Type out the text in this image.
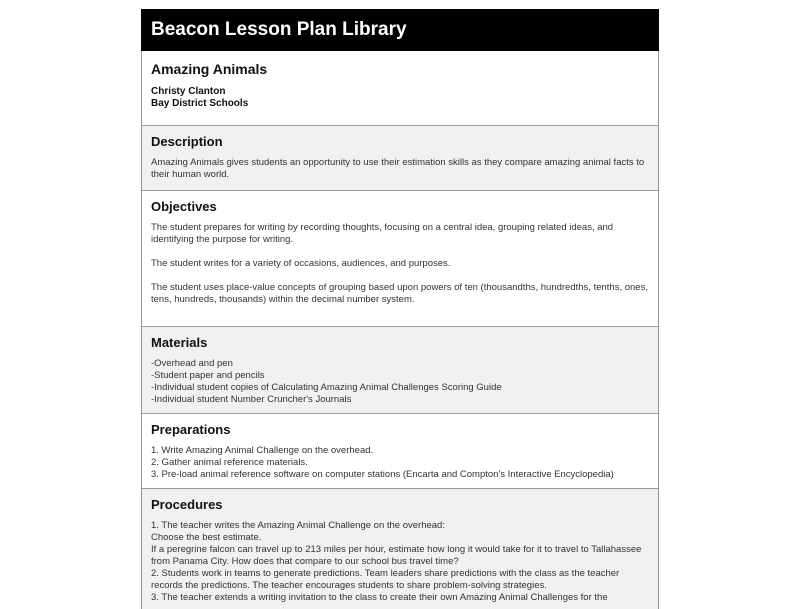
Beacon Lesson Plan Library
Amazing Animals
Christy Clanton
Bay District Schools
Description
Amazing Animals gives students an opportunity to use their estimation skills as they compare amazing animal facts to their human world.
Objectives
The student prepares for writing by recording thoughts, focusing on a central idea, grouping related ideas, and identifying the purpose for writing.
The student writes for a variety of occasions, audiences, and purposes.
The student uses place-value concepts of grouping based upon powers of ten (thousandths, hundredths, tenths, ones, tens, hundreds, thousands) within the decimal number system.
Materials
-Overhead and pen
-Student paper and pencils
-Individual student copies of Calculating Amazing Animal Challenges Scoring Guide
-Individual student Number Cruncher's Journals
Preparations
1. Write Amazing Animal Challenge on the overhead.
2. Gather animal reference materials.
3. Pre-load animal reference software on computer stations (Encarta and Compton's Interactive Encyclopedia)
Procedures
1. The teacher writes the Amazing Animal Challenge on the overhead:
Choose the best estimate.
If a peregrine falcon can travel up to 213 miles per hour, estimate how long it would take for it to travel to Tallahassee from Panama City. How does that compare to our school bus travel time?
2. Students work in teams to generate predictions. Team leaders share predictions with the class as the teacher records the predictions. The teacher encourages students to share problem-solving strategies.
3. The teacher extends a writing invitation to the class to create their own Amazing Animal Challenges for the
